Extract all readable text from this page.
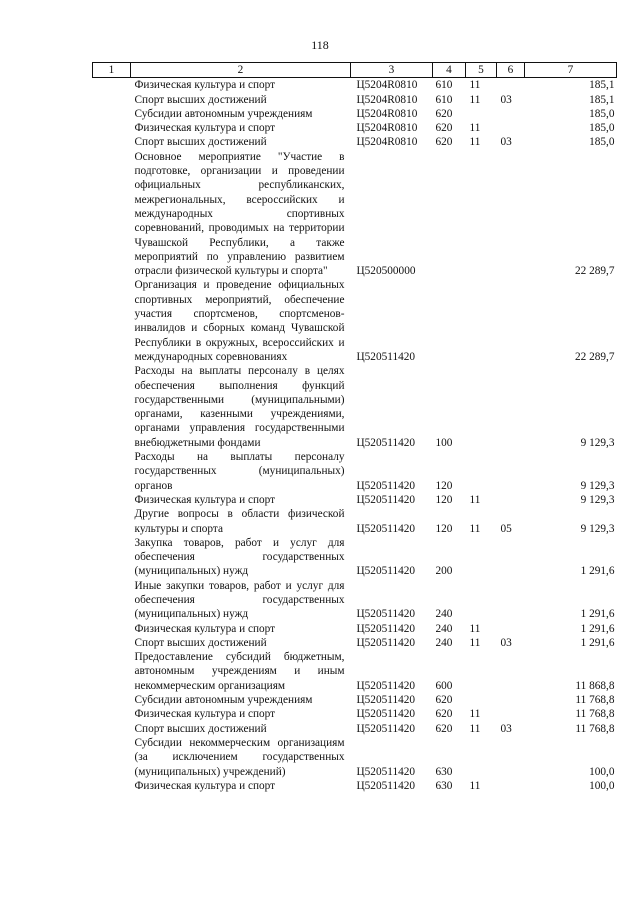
118
1	2	3	4	5	6	7
	Физическая культура и спорт	Ц5204R0810	610	11		185,1
	Спорт высших достижений	Ц5204R0810	610	11	03	185,1
	Субсидии автономным учреждениям	Ц5204R0810	620			185,0
	Физическая культура и спорт	Ц5204R0810	620	11		185,0
	Спорт высших достижений	Ц5204R0810	620	11	03	185,0
	Основное мероприятие "Участие в подготовке, организации и проведении официальных республиканских, межрегиональных, всероссийских и международных спортивных соревнований, проводимых на территории Чувашской Республики, а также мероприятий по управлению развитием отрасли физической культуры и спорта"	Ц520500000				22 289,7
	Организация и проведение официальных спортивных мероприятий, обеспечение участия спортсменов, спортсменов-инвалидов и сборных команд Чувашской Республики в окружных, всероссийских и международных соревнованиях	Ц520511420				22 289,7
	Расходы на выплаты персоналу в целях обеспечения выполнения функций государственными (муниципальными) органами, казенными учреждениями, органами управления государственными внебюджетными фондами	Ц520511420	100			9 129,3
	Расходы на выплаты персоналу государственных (муниципальных) органов	Ц520511420	120			9 129,3
	Физическая культура и спорт	Ц520511420	120	11		9 129,3
	Другие вопросы в области физической культуры и спорта	Ц520511420	120	11	05	9 129,3
	Закупка товаров, работ и услуг для обеспечения государственных (муниципальных) нужд	Ц520511420	200			1 291,6
	Иные закупки товаров, работ и услуг для обеспечения государственных (муниципальных) нужд	Ц520511420	240			1 291,6
	Физическая культура и спорт	Ц520511420	240	11		1 291,6
	Спорт высших достижений	Ц520511420	240	11	03	1 291,6
	Предоставление субсидий бюджетным, автономным учреждениям и иным некоммерческим организациям	Ц520511420	600			11 868,8
	Субсидии автономным учреждениям	Ц520511420	620			11 768,8
	Физическая культура и спорт	Ц520511420	620	11		11 768,8
	Спорт высших достижений	Ц520511420	620	11	03	11 768,8
	Субсидии некоммерческим организациям (за исключением государственных (муниципальных) учреждений)	Ц520511420	630			100,0
	Физическая культура и спорт	Ц520511420	630	11		100,0
